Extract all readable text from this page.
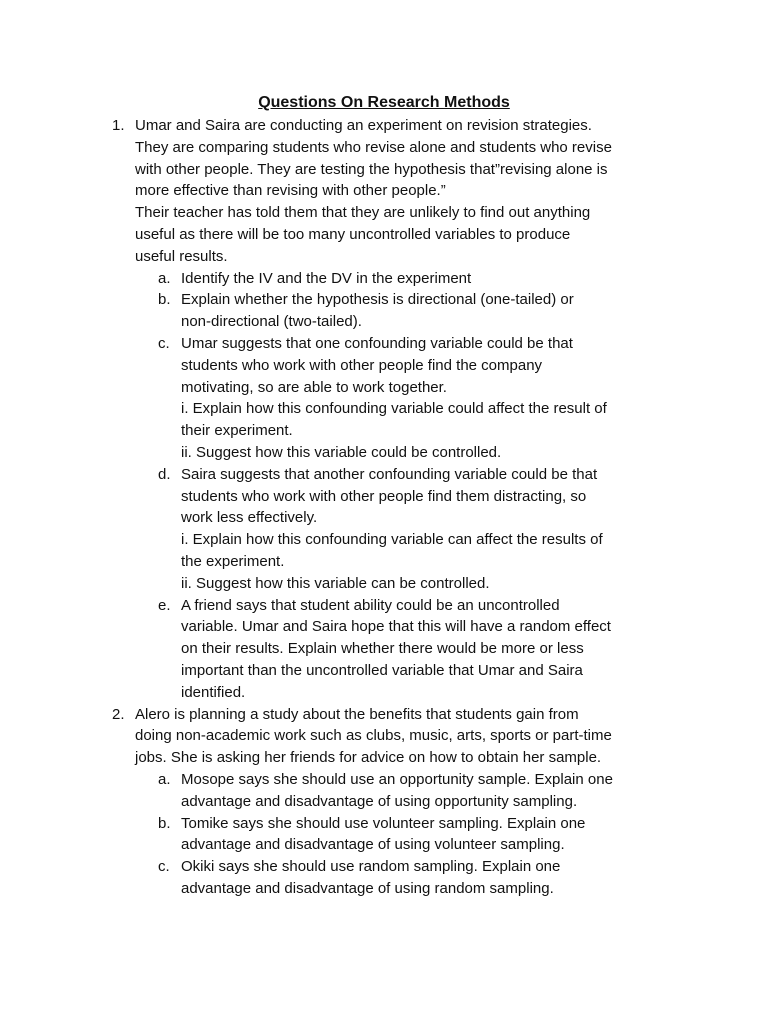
Questions On Research Methods
1. Umar and Saira are conducting an experiment on revision strategies.

They are comparing students who revise alone and students who revise

with other people. They are testing the hypothesis that”revising alone is

more effective than revising with other people.”

Their teacher has told them that they are unlikely to find out anything

useful as there will be too many uncontrolled variables to produce

useful results.

a. Identify the IV and the DV in the experiment

b. Explain whether the hypothesis is directional (one-tailed) or

non-directional (two-tailed).

c. Umar suggests that one confounding variable could be that

students who work with other people find the company

motivating, so are able to work together.

i. Explain how this confounding variable could affect the result of

their experiment.

ii. Suggest how this variable could be controlled.

d. Saira suggests that another confounding variable could be that

students who work with other people find them distracting, so

work less effectively.

i. Explain how this confounding variable can affect the results of

the experiment.

ii. Suggest how this variable can be controlled.

e. A friend says that student ability could be an uncontrolled

variable. Umar and Saira hope that this will have a random effect

on their results. Explain whether there would be more or less

important than the uncontrolled variable that Umar and Saira

identified.

2. Alero is planning a study about the benefits that students gain from

doing non-academic work such as clubs, music, arts, sports or part-time

jobs. She is asking her friends for advice on how to obtain her sample.

a. Mosope says she should use an opportunity sample. Explain one

advantage and disadvantage of using opportunity sampling.

b. Tomike says she should use volunteer sampling. Explain one

advantage and disadvantage of using volunteer sampling.

c. Okiki says she should use random sampling. Explain one

advantage and disadvantage of using random sampling.
